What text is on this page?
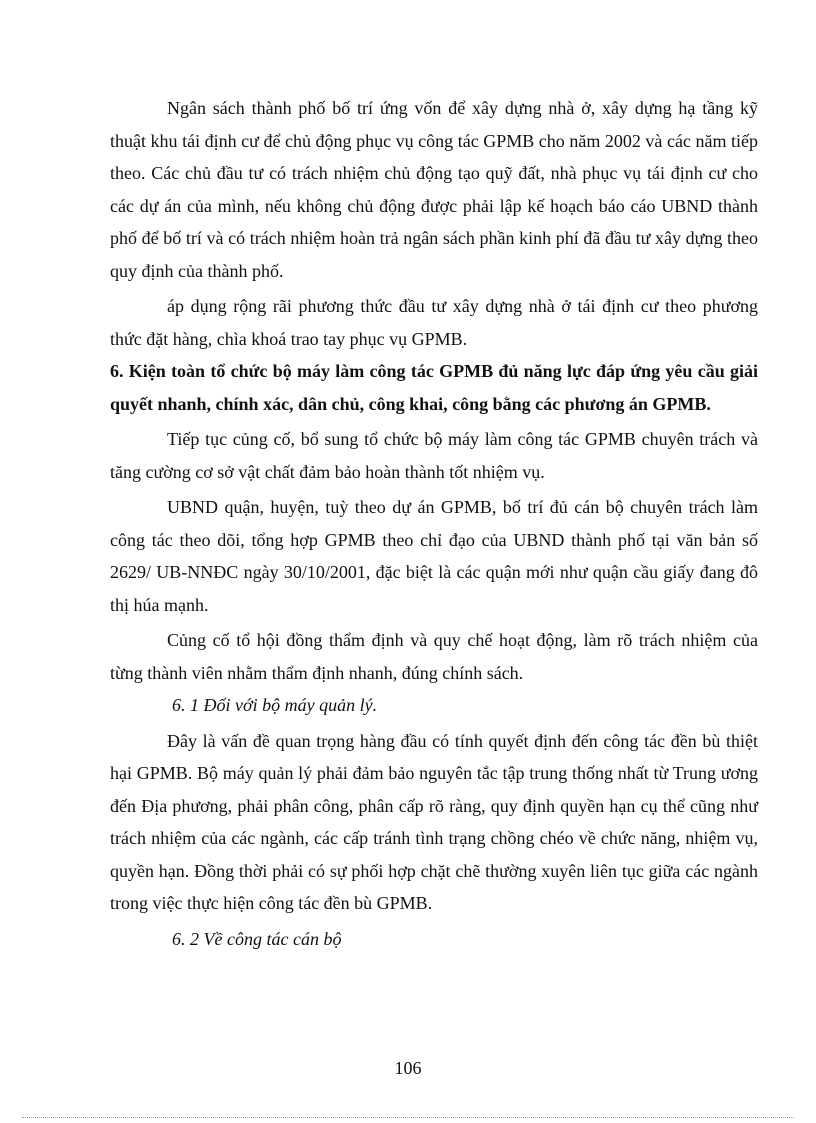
Ngân sách thành phố bố trí ứng vốn để xây dựng nhà ở, xây dựng hạ tầng kỹ thuật khu tái định cư để chủ động phục vụ công tác GPMB cho năm 2002 và các năm tiếp theo. Các chủ đầu tư có trách nhiệm chủ động tạo quỹ đất, nhà phục vụ tái định cư cho các dự án của mình, nếu không chủ động được phải lập kế hoạch báo cáo UBND thành phố để bố trí và có trách nhiệm hoàn trả ngân sách phần kinh phí đã đầu tư xây dựng theo quy định của thành phố.

áp dụng rộng rãi phương thức đầu tư xây dựng nhà ở tái định cư theo phương thức đặt hàng, chìa khoá trao tay phục vụ GPMB.

6. Kiện toàn tổ chức bộ máy làm công tác GPMB đủ năng lực đáp ứng yêu cầu giải quyết nhanh, chính xác, dân chủ, công khai, công bằng các phương án GPMB.

Tiếp tục củng cố, bổ sung tổ chức bộ máy làm công tác GPMB chuyên trách và tăng cường cơ sở vật chất đảm bảo hoàn thành tốt nhiệm vụ.

UBND quận, huyện, tuỳ theo dự án GPMB, bố trí đủ cán bộ chuyên trách làm công tác theo dõi, tổng hợp GPMB theo chỉ đạo của UBND thành phố tại văn bản số 2629/ UB-NNĐC ngày 30/10/2001, đặc biệt là các quận mới như quận cầu giấy đang đô thị húa mạnh.

Củng cố tổ hội đồng thẩm định và quy chế hoạt động, làm rõ trách nhiệm của từng thành viên nhằm thẩm định nhanh, đúng chính sách.

6. 1 Đối với bộ máy quản lý.

Đây là vấn đề quan trọng hàng đầu có tính quyết định đến công tác đền bù thiệt hại GPMB. Bộ máy quản lý phải đảm bảo nguyên tắc tập trung thống nhất từ Trung ương đến Địa phương, phải phân công, phân cấp rõ ràng, quy định quyền hạn cụ thể cũng như trách nhiệm của các ngành, các cấp tránh tình trạng chồng chéo về chức năng, nhiệm vụ, quyền hạn. Đồng thời phải có sự phối hợp chặt chẽ thường xuyên liên tục giữa các ngành trong việc thực hiện công tác đền bù GPMB.

6. 2 Về công tác cán bộ

106
